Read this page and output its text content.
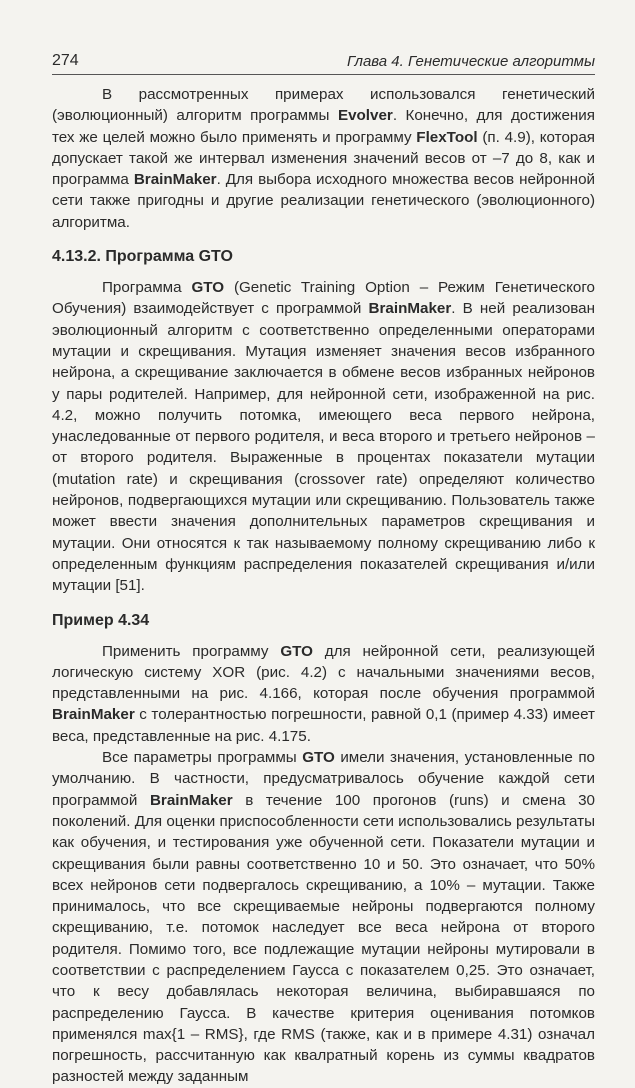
274	Глава 4. Генетические алгоритмы

В рассмотренных примерах использовался генетический (эволюционный) алгоритм программы Evolver. Конечно, для достижения тех же целей можно было применять и программу FlexTool (п. 4.9), которая допускает такой же интервал изменения значений весов от –7 до 8, как и программа BrainMaker. Для выбора исходного множества весов нейронной сети также пригодны и другие реализации генетического (эволюционного) алгоритма.

4.13.2. Программа GTO

Программа GTO (Genetic Training Option – Режим Генетического Обучения) взаимодействует с программой BrainMaker. В ней реализован эволюционный алгоритм с соответственно определенными операторами мутации и скрещивания. Мутация изменяет значения весов избранного нейрона, а скрещивание заключается в обмене весов избранных нейронов у пары родителей. Например, для нейронной сети, изображенной на рис. 4.2, можно получить потомка, имеющего веса первого нейрона, унаследованные от первого родителя, и веса второго и третьего нейронов – от второго родителя. Выраженные в процентах показатели мутации (mutation rate) и скрещивания (crossover rate) определяют количество нейронов, подвергающихся мутации или скрещиванию. Пользователь также может ввести значения дополнительных параметров скрещивания и мутации. Они относятся к так называемому полному скрещиванию либо к определенным функциям распределения показателей скрещивания и/или мутации [51].

Пример 4.34

Применить программу GTO для нейронной сети, реализующей логическую систему XOR (рис. 4.2) с начальными значениями весов, представленными на рис. 4.166, которая после обучения программой BrainMaker с толерантностью погрешности, равной 0,1 (пример 4.33) имеет веса, представленные на рис. 4.175.

Все параметры программы GTO имели значения, установленные по умолчанию. В частности, предусматривалось обучение каждой сети программой BrainMaker в течение 100 прогонов (runs) и смена 30 поколений. Для оценки приспособленности сети использовались результаты как обучения, и тестирования уже обученной сети. Показатели мутации и скрещивания были равны соответственно 10 и 50. Это означает, что 50% всех нейронов сети подвергалось скрещиванию, а 10% – мутации. Также принималось, что все скрещиваемые нейроны подвергаются полному скрещиванию, т.е. потомок наследует все веса нейрона от второго родителя. Помимо того, все подлежащие мутации нейроны мутировали в соответствии с распределением Гаусса с показателем 0,25. Это означает, что к весу добавлялась некоторая величина, выбиравшаяся по распределению Гаусса. В качестве критерия оценивания потомков применялся max{1 – RMS}, где RMS (также, как и в примере 4.31) означал погрешность, рассчитанную как квалратный корень из суммы квадратов разностей между заданным
